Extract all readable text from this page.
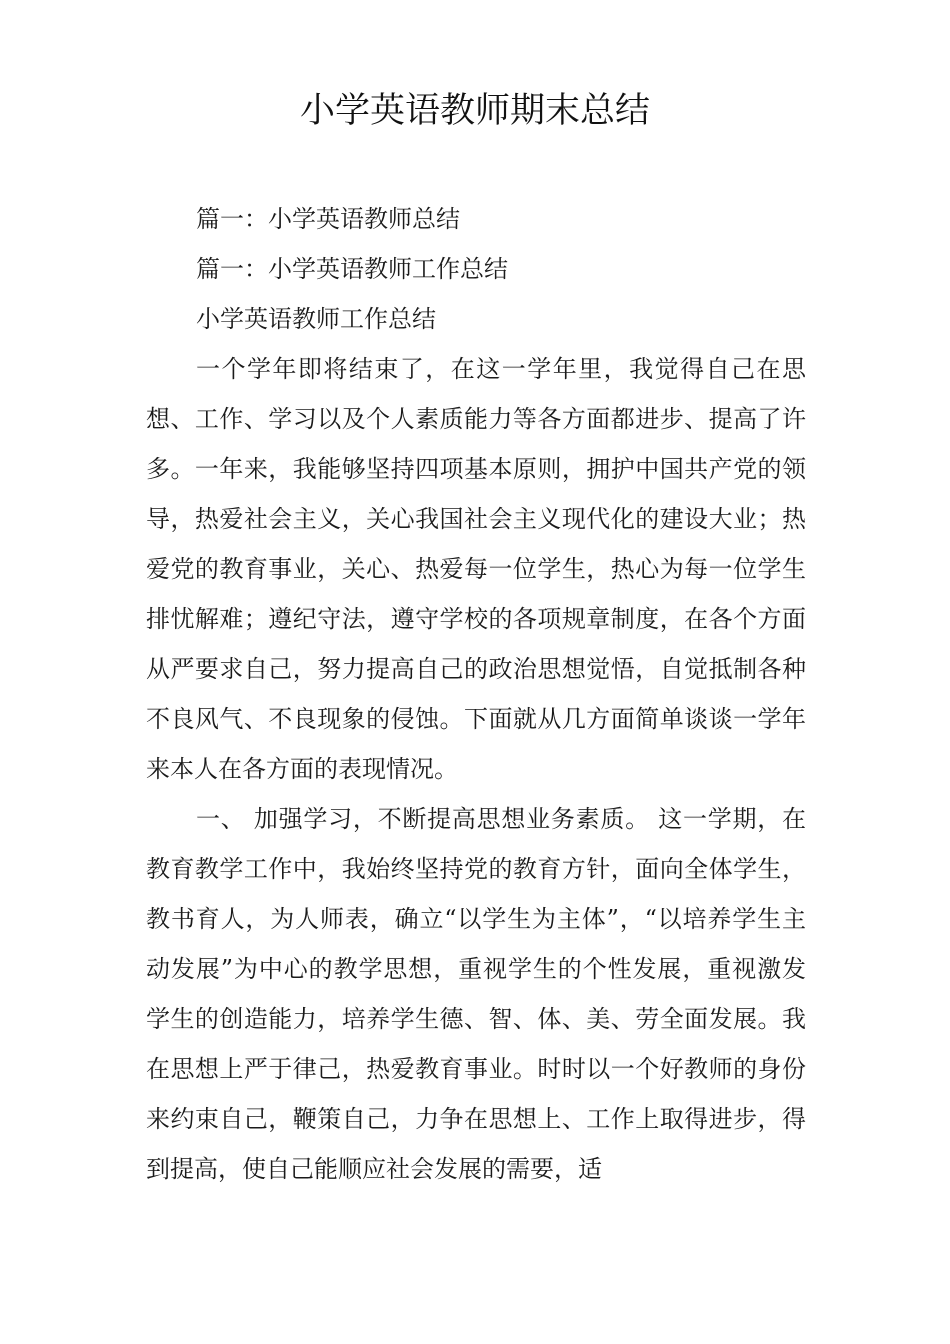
小学英语教师期末总结

篇一：小学英语教师总结

篇一：小学英语教师工作总结

小学英语教师工作总结

一个学年即将结束了，在这一学年里，我觉得自己在思想、工作、学习以及个人素质能力等各方面都进步、提高了许多。一年来，我能够坚持四项基本原则，拥护中国共产党的领导，热爱社会主义，关心我国社会主义现代化的建设大业；热爱党的教育事业，关心、热爱每一位学生，热心为每一位学生排忧解难；遵纪守法，遵守学校的各项规章制度，在各个方面从严要求自己，努力提高自己的政治思想觉悟，自觉抵制各种不良风气、不良现象的侵蚀。下面就从几方面简单谈谈一学年来本人在各方面的表现情况。

一、 加强学习，不断提高思想业务素质。 这一学期，在教育教学工作中，我始终坚持党的教育方针，面向全体学生，教书育人，为人师表，确立“以学生为主体”，“以培养学生主动发展”为中心的教学思想，重视学生的个性发展，重视激发学生的创造能力，培养学生德、智、体、美、劳全面发展。我在思想上严于律己，热爱教育事业。时时以一个好教师的身份来约束自己，鞭策自己，力争在思想上、工作上取得进步，得到提高，使自己能顺应社会发展的需要，适
